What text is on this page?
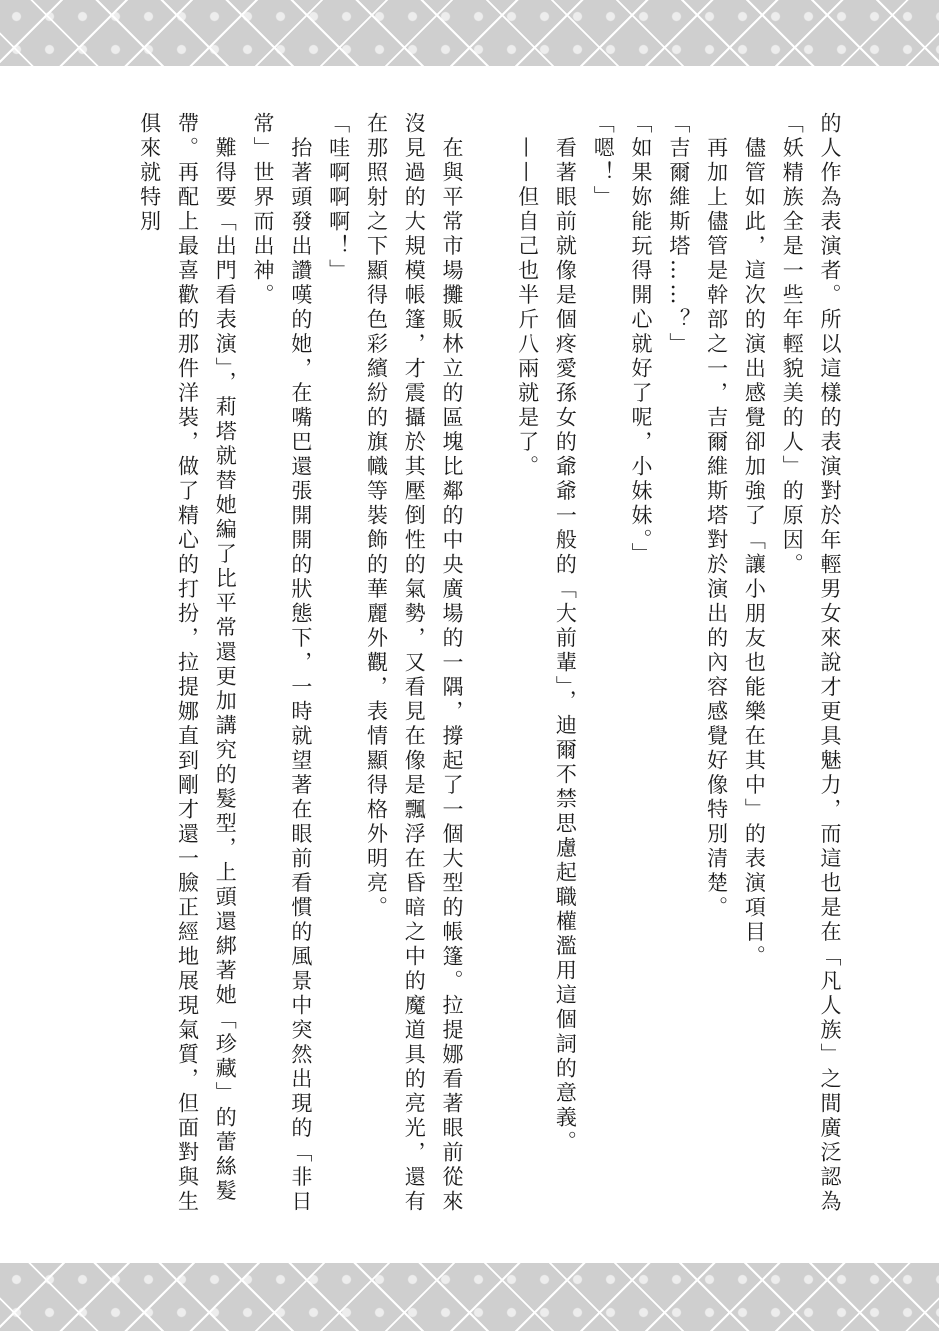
的人作為表演者。所以這樣的表演對於年輕男女來說才更具魅力，而這也是在「凡人族」之間廣泛認為「妖精族全是一些年輕貌美的人」的原因。

　儘管如此，這次的演出感覺卻加強了「讓小朋友也能樂在其中」的表演項目。

　再加上儘管是幹部之一，吉爾維斯塔對於演出的內容感覺好像特別清楚。

「吉爾維斯塔……？」

「如果妳能玩得開心就好了呢，小妹妹。」

「嗯！」

　看著眼前就像是個疼愛孫女的爺爺一般的「大前輩」，迪爾不禁思慮起職權濫用這個詞的意義。

　——但自己也半斤八兩就是了。

　在與平常市場攤販林立的區塊比鄰的中央廣場的一隅，撐起了一個大型的帳篷。拉提娜看著眼前從來沒見過的大規模帳篷，才震攝於其壓倒性的氣勢，又看見在像是飄浮在昏暗之中的魔道具的亮光，還有在那照射之下顯得色彩繽紛的旗幟等裝飾的華麗外觀，表情顯得格外明亮。

「哇啊啊啊！」

　抬著頭發出讚嘆的她，在嘴巴還張開開的狀態下，一時就望著在眼前看慣的風景中突然出現的「非日常」世界而出神。

　難得要「出門看表演」，莉塔就替她編了比平常還更加講究的髮型，上頭還綁著她「珍藏」的蕾絲髮帶。再配上最喜歡的那件洋裝，做了精心的打扮，拉提娜直到剛才還一臉正經地展現氣質，但面對與生俱來就特別
